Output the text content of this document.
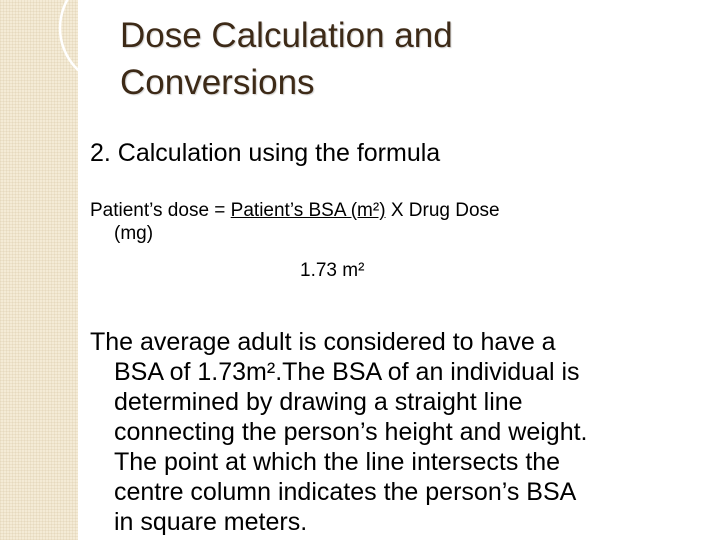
Dose Calculation and
Conversions
2. Calculation using the formula
Patient’s dose = Patient’s BSA (m²) X Drug Dose
(mg)
1.73 m²
The average adult is considered to have a
BSA of 1.73m².The BSA of an individual is
determined by drawing a straight line
connecting the person’s height and weight.
The point at which the line intersects the
centre column indicates the person’s BSA
in square meters.
